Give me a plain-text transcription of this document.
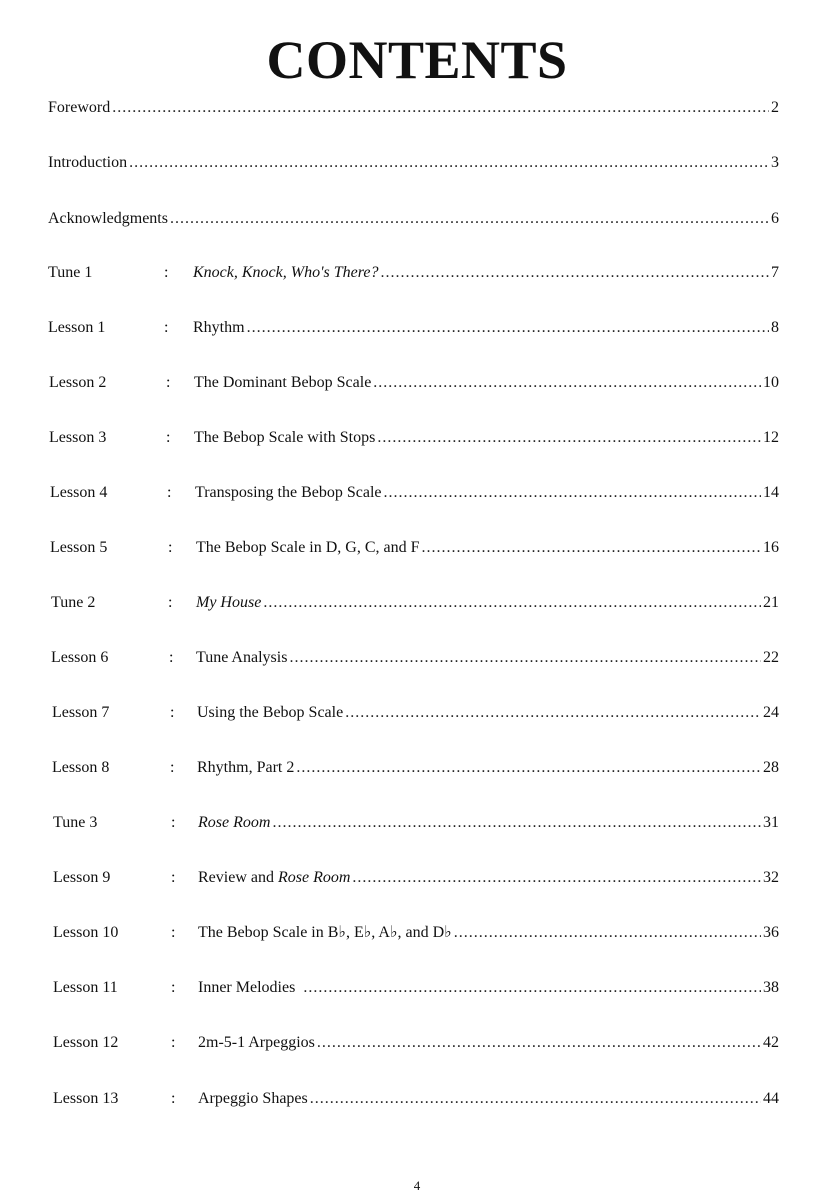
CONTENTS
Foreword .....	2
Introduction .....	3
Acknowledgments .....	6
Tune 1	: Knock, Knock, Who's There? .....	7
Lesson 1	: Rhythm .....	8
Lesson 2	: The Dominant Bebop Scale .....	10
Lesson 3	: The Bebop Scale with Stops .....	12
Lesson 4	: Transposing the Bebop Scale .....	14
Lesson 5	: The Bebop Scale in D, G, C, and F .....	16
Tune 2	: My House .....	21
Lesson 6	: Tune Analysis .....	22
Lesson 7	: Using the Bebop Scale .....	24
Lesson 8	: Rhythm, Part 2 .....	28
Tune 3	: Rose Room .....	31
Lesson 9	: Review and Rose Room .....	32
Lesson 10	: The Bebop Scale in B♭, E♭, A♭, and D♭ .....	36
Lesson 11	: Inner Melodies .....	38
Lesson 12	: 2m-5-1 Arpeggios .....	42
Lesson 13	: Arpeggio Shapes .....	44
4
